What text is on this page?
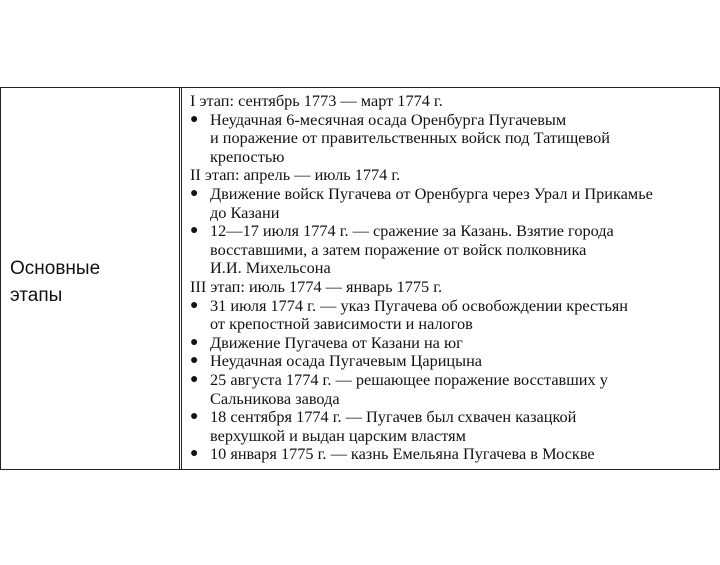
Основные
этапы
I этап: сентябрь 1773 — март 1774 г.
● Неудачная 6-месячная осада Оренбурга Пугачевым
и поражение от правительственных войск под Татищевой
крепостью
II этап: апрель — июль 1774 г.
● Движение войск Пугачева от Оренбурга через Урал и Прикамье
до Казани
● 12—17 июля 1774 г. — сражение за Казань. Взятие города
восставшими, а затем поражение от войск полковника
И.И. Михельсона
III этап: июль 1774 — январь 1775 г.
● 31 июля 1774 г. — указ Пугачева об освобождении крестьян
от крепостной зависимости и налогов
● Движение Пугачева от Казани на юг
● Неудачная осада Пугачевым Царицына
● 25 августа 1774 г. — решающее поражение восставших у
Сальникова завода
● 18 сентября 1774 г. — Пугачев был схвачен казацкой
верхушкой и выдан царским властям
● 10 января 1775 г. — казнь Емельяна Пугачева в Москве
